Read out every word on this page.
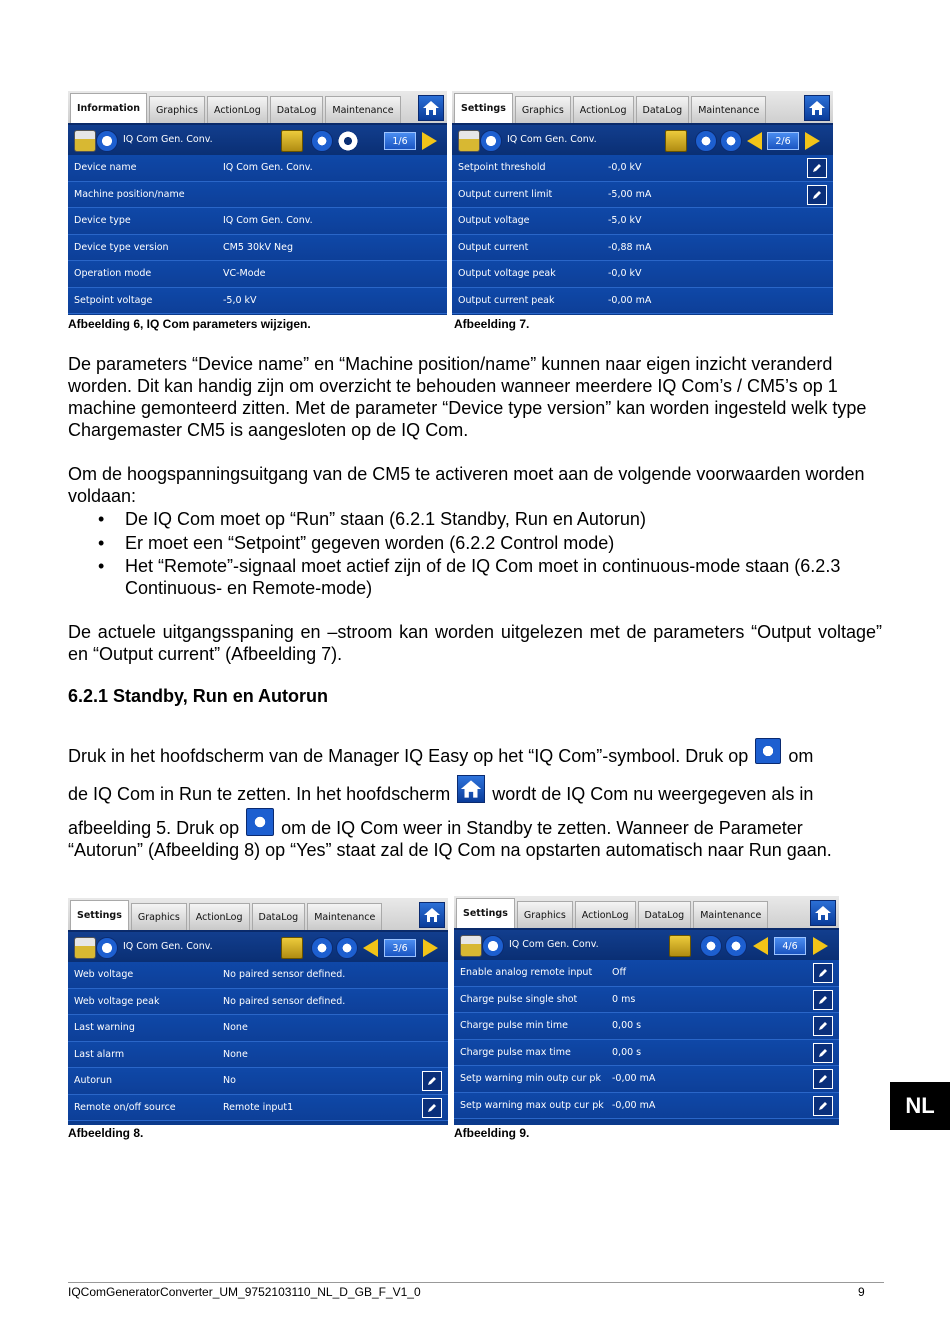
Information	Graphics	ActionLog	DataLog	Maintenance
IQ Com Gen. Conv.	1/6
Device name	IQ Com Gen. Conv.
Machine position/name
Device type	IQ Com Gen. Conv.
Device type version	CM5 30kV Neg
Operation mode	VC-Mode
Setpoint voltage	-5,0 kV
Afbeelding 6, IQ Com parameters wijzigen.
Settings	Graphics	ActionLog	DataLog	Maintenance
IQ Com Gen. Conv.	2/6
Setpoint threshold	-0,0 kV
Output current limit	-5,00 mA
Output voltage	-5,0 kV
Output current	-0,88 mA
Output voltage peak	-0,0 kV
Output current peak	-0,00 mA
Afbeelding 7.

De parameters “Device name” en “Machine position/name” kunnen naar eigen inzicht veranderd worden. Dit kan handig zijn om overzicht te behouden wanneer meerdere IQ Com’s / CM5’s op 1 machine gemonteerd zitten. Met de parameter “Device type version” kan worden ingesteld welk type Chargemaster CM5 is aangesloten op de IQ Com.

Om de hoogspanningsuitgang van de CM5 te activeren moet aan de volgende voorwaarden worden voldaan:

• De IQ Com moet op “Run” staan (6.2.1 Standby, Run en Autorun)
• Er moet een “Setpoint” gegeven worden (6.2.2 Control mode)
• Het “Remote”-signaal moet actief zijn of de IQ Com moet in continuous-mode staan (6.2.3 Continuous- en Remote-mode)

De actuele uitgangsspaning en –stroom kan worden uitgelezen met de parameters “Output voltage” en “Output current” (Afbeelding 7).

6.2.1 Standby, Run en Autorun
Druk in het hoofdscherm van de Manager IQ Easy op het “IQ Com”-symbool. Druk op om
de IQ Com in Run te zetten. In het hoofdscherm wordt de IQ Com nu weergegeven als in
afbeelding 5. Druk op om de IQ Com weer in Standby te zetten. Wanneer de Parameter “Autorun” (Afbeelding 8) op “Yes” staat zal de IQ Com na opstarten automatisch naar Run gaan.
Settings	Graphics	ActionLog	DataLog	Maintenance
IQ Com Gen. Conv.	3/6
Web voltage	No paired sensor defined.
Web voltage peak	No paired sensor defined.
Last warning	None
Last alarm	None
Autorun	No
Remote on/off source	Remote input1
Afbeelding 8.
Settings	Graphics	ActionLog	DataLog	Maintenance
IQ Com Gen. Conv.	4/6
Enable analog remote input Off
Charge pulse single shot	0 ms
Charge pulse min time	0,00 s
Charge pulse max time	0,00 s
Setp warning min outp cur pk -0,00 mA
Setp warning max outp cur pk -0,00 mA
Afbeelding 9.
NL
IQComGeneratorConverter_UM_9752103110_NL_D_GB_F_V1_0	9
